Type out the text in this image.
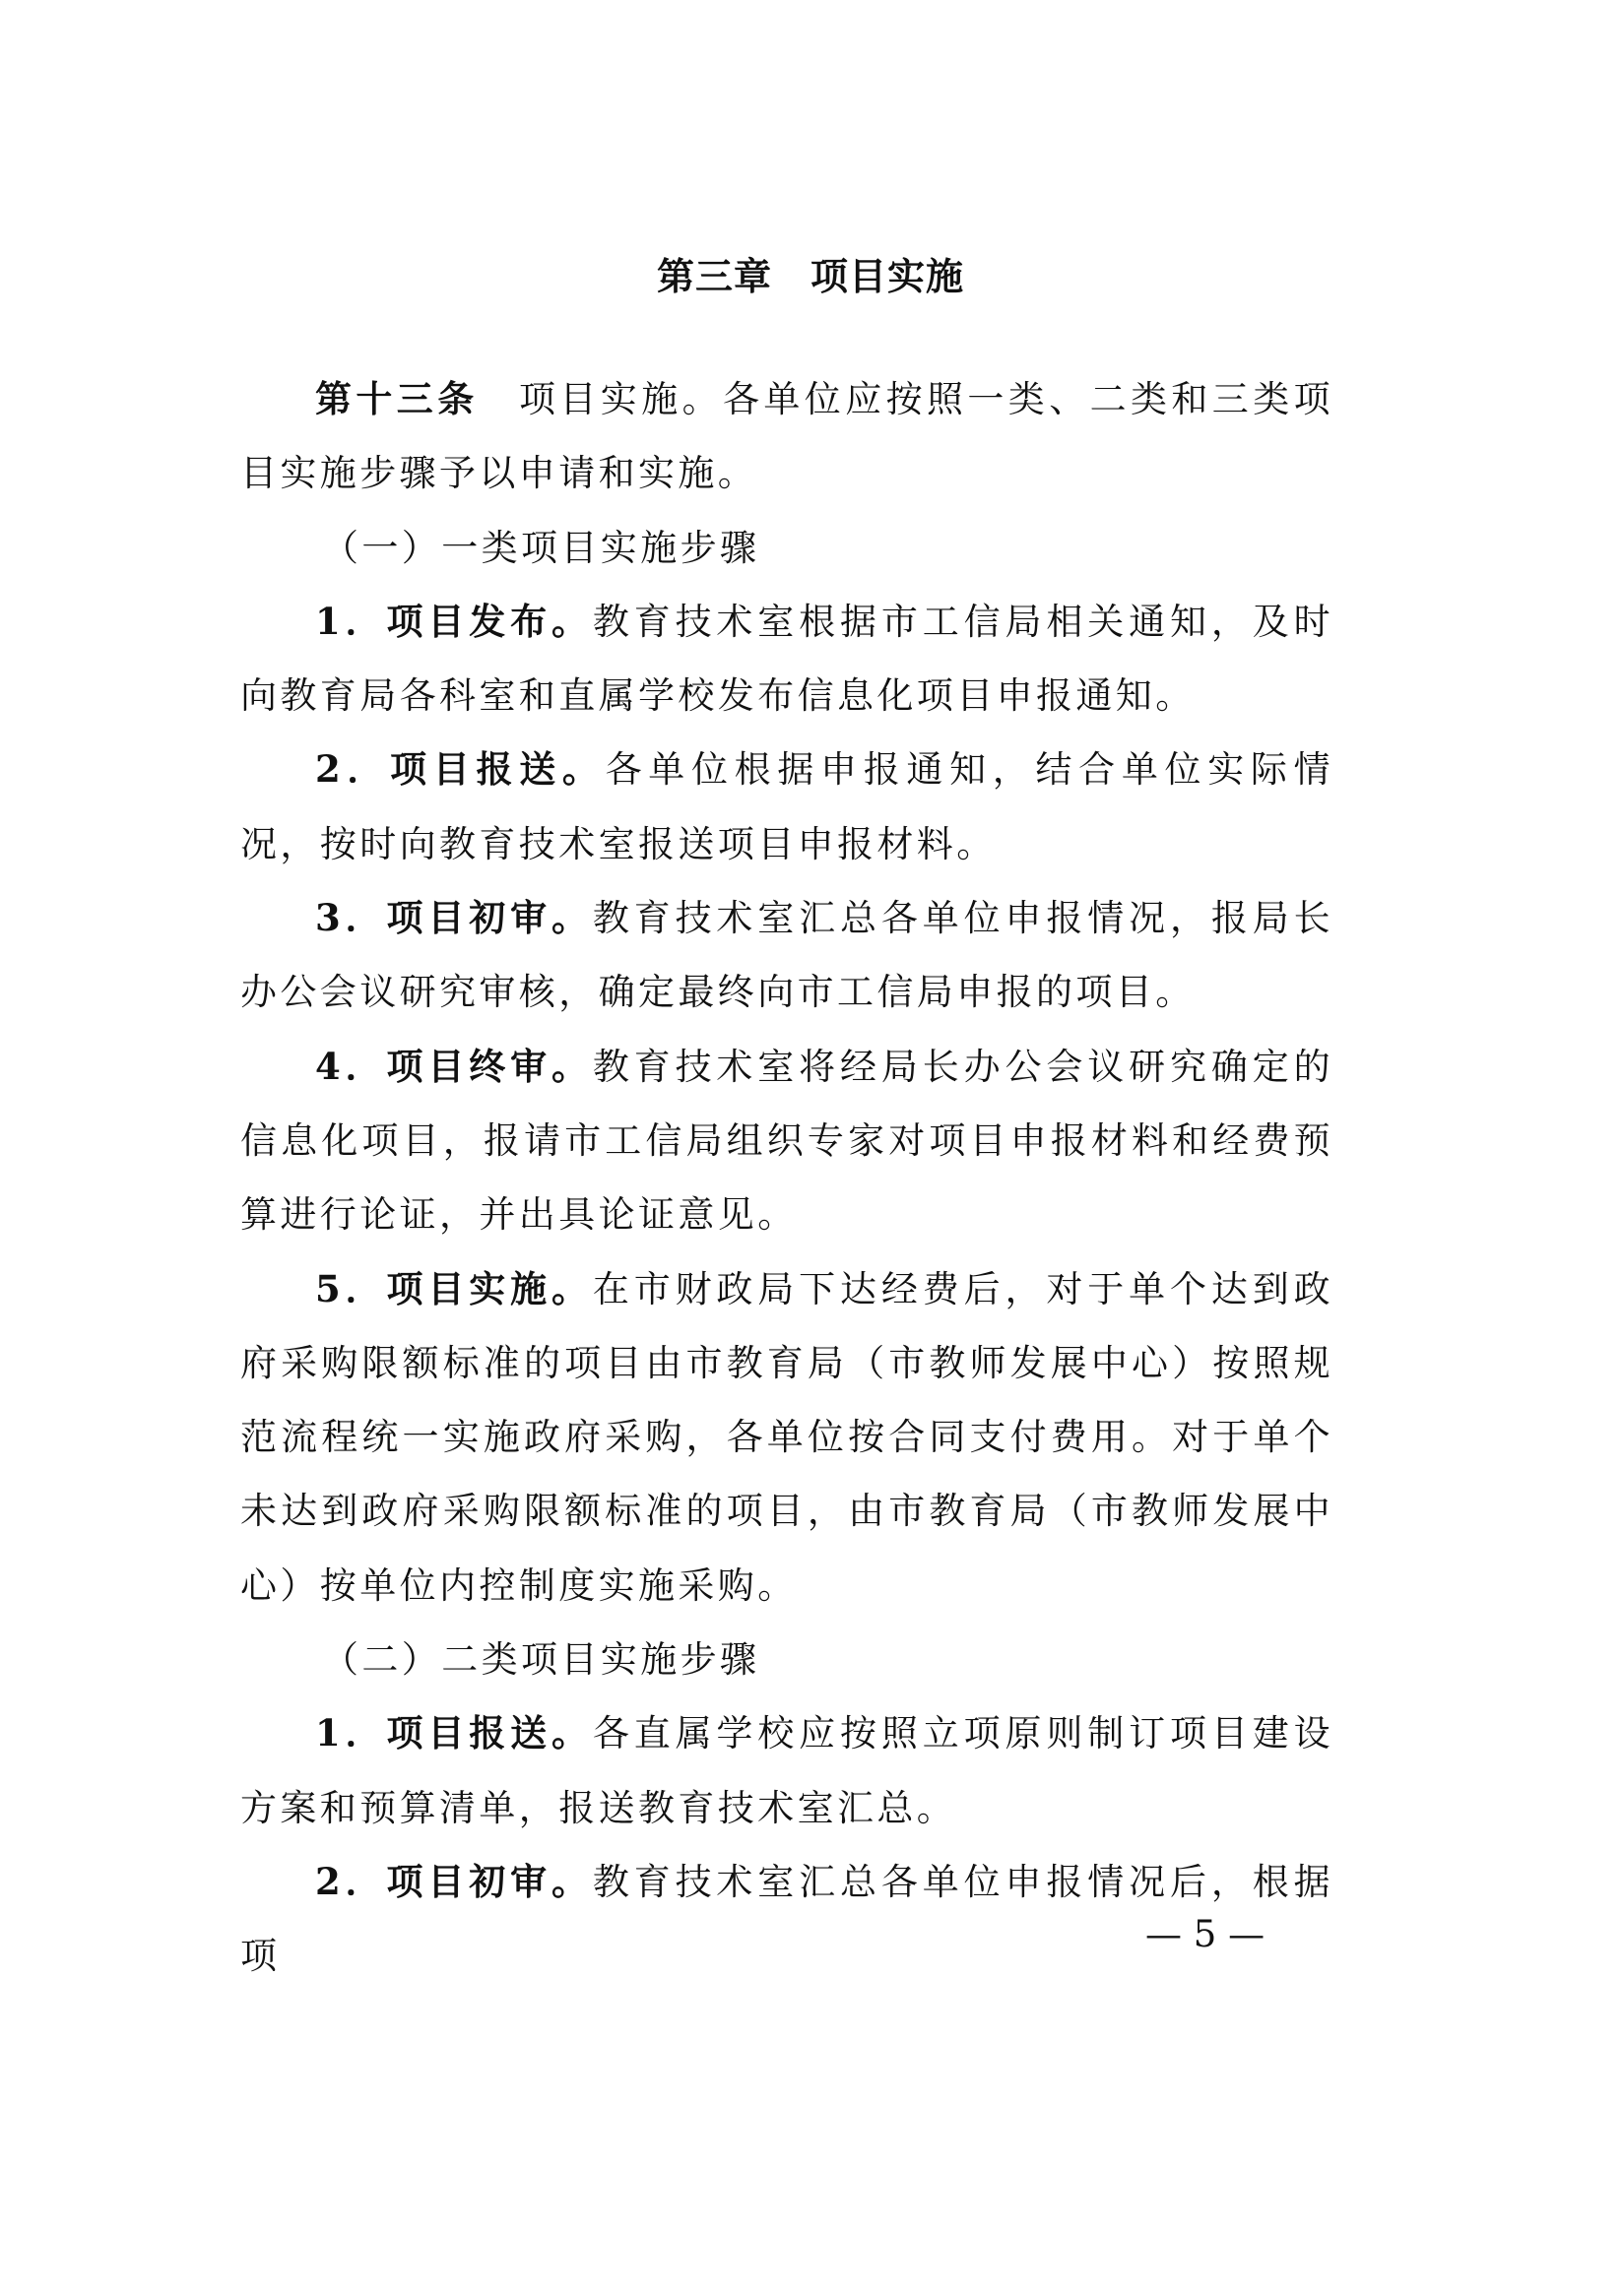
第三章　项目实施

第十三条　项目实施。各单位应按照一类、二类和三类项目实施步骤予以申请和实施。

（一）一类项目实施步骤

1．项目发布。教育技术室根据市工信局相关通知，及时向教育局各科室和直属学校发布信息化项目申报通知。

2．项目报送。各单位根据申报通知，结合单位实际情况，按时向教育技术室报送项目申报材料。

3．项目初审。教育技术室汇总各单位申报情况，报局长办公会议研究审核，确定最终向市工信局申报的项目。

4．项目终审。教育技术室将经局长办公会议研究确定的信息化项目，报请市工信局组织专家对项目申报材料和经费预算进行论证，并出具论证意见。

5．项目实施。在市财政局下达经费后，对于单个达到政府采购限额标准的项目由市教育局（市教师发展中心）按照规范流程统一实施政府采购，各单位按合同支付费用。对于单个未达到政府采购限额标准的项目，由市教育局（市教师发展中心）按单位内控制度实施采购。

（二）二类项目实施步骤

1．项目报送。各直属学校应按照立项原则制订项目建设方案和预算清单，报送教育技术室汇总。

2．项目初审。教育技术室汇总各单位申报情况后，根据项

— 5 —
